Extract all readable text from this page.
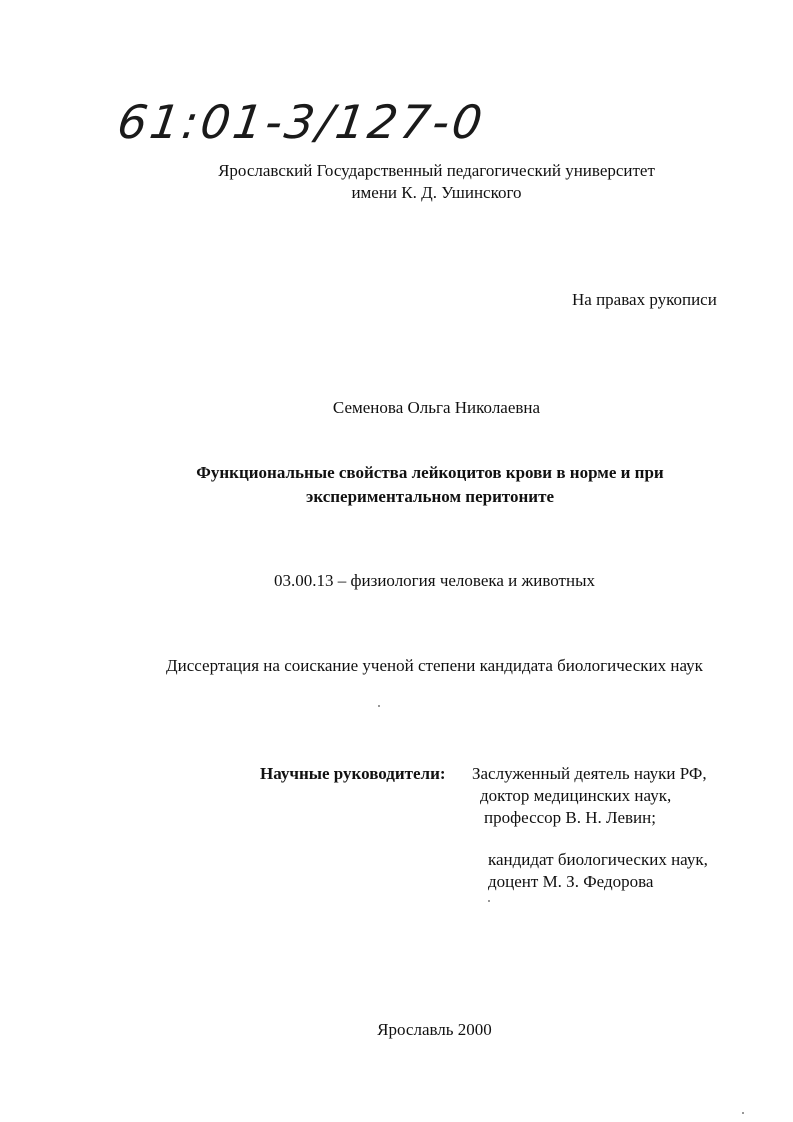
61:01-3/127-0
Ярославский Государственный педагогический университет
имени К. Д. Ушинского
На правах рукописи
Семенова Ольга Николаевна
Функциональные свойства лейкоцитов крови в норме и при
экспериментальном перитоните
03.00.13 – физиология человека и животных
Диссертация на соискание ученой степени кандидата биологических наук
Научные руководители: Заслуженный деятель науки РФ,
доктор медицинских наук,
профессор В. Н. Левин;
кандидат биологических наук,
доцент М. З. Федорова
Ярославль 2000
